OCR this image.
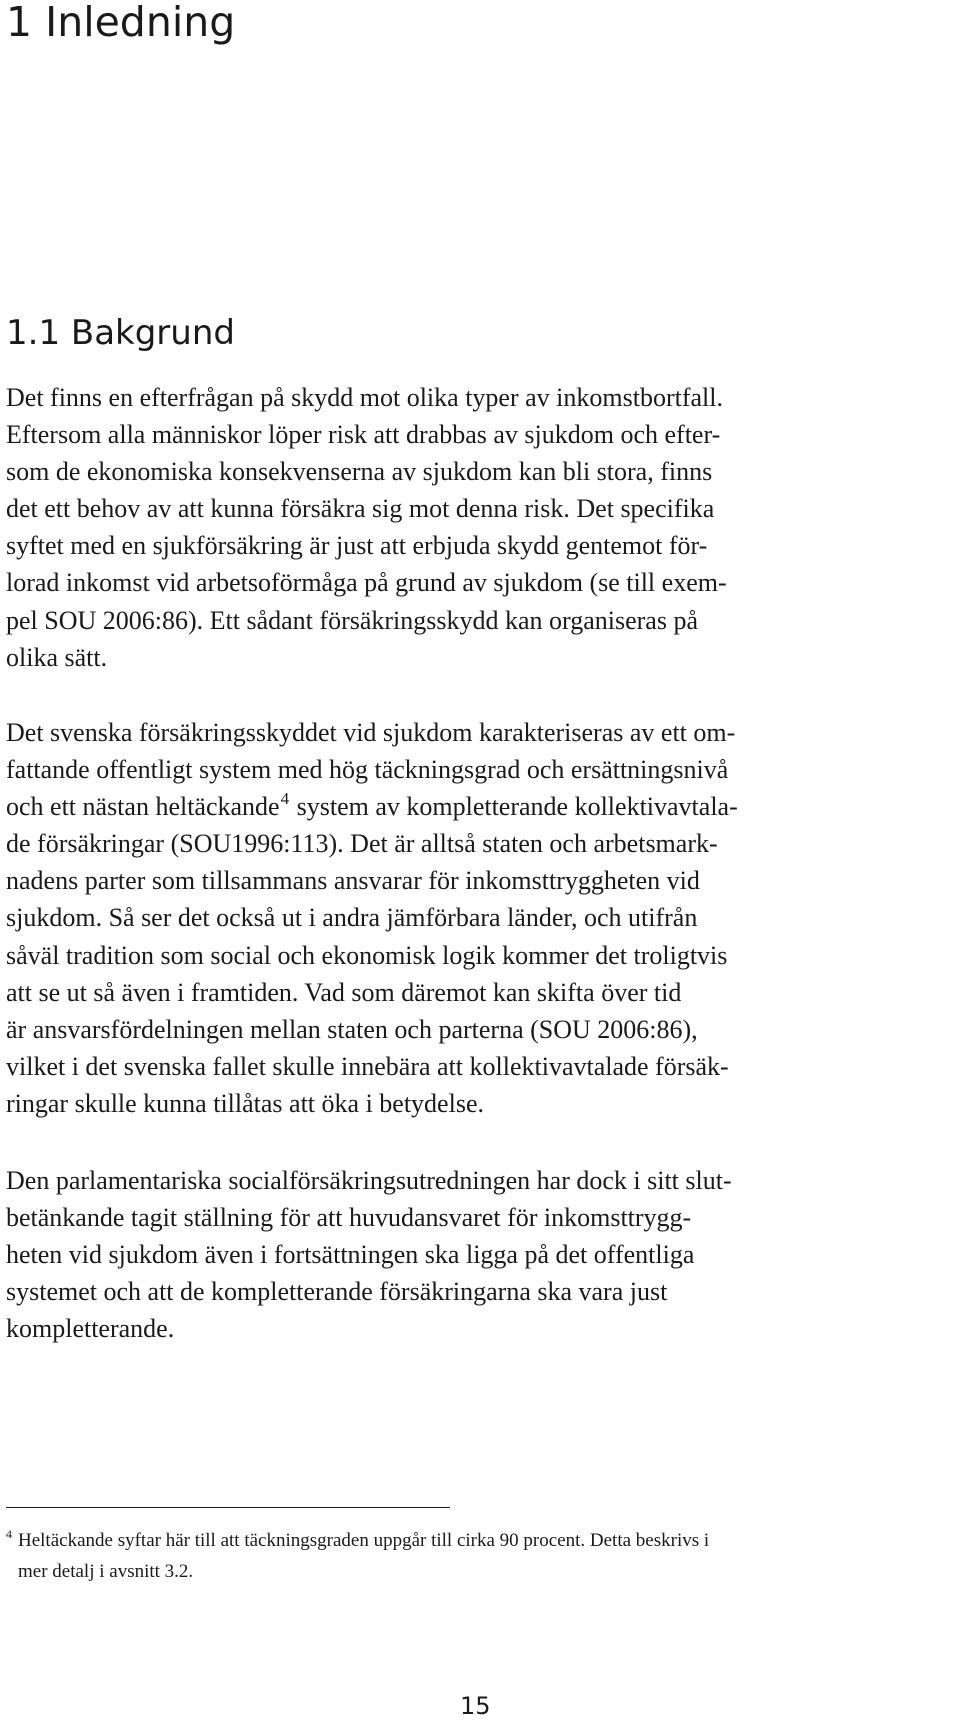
1 Inledning
1.1 Bakgrund

Det finns en efterfrågan på skydd mot olika typer av inkomstbortfall.
Eftersom alla människor löper risk att drabbas av sjukdom och efter-
som de ekonomiska konsekvenserna av sjukdom kan bli stora, finns
det ett behov av att kunna försäkra sig mot denna risk. Det specifika
syftet med en sjukförsäkring är just att erbjuda skydd gentemot för-
lorad inkomst vid arbetsoförmåga på grund av sjukdom (se till exem-
pel SOU 2006:86). Ett sådant försäkringsskydd kan organiseras på
olika sätt.

Det svenska försäkringsskyddet vid sjukdom karakteriseras av ett om-
fattande offentligt system med hög täckningsgrad och ersättningsnivå
och ett nästan heltäckande$^4$ system av kompletterande kollektivavtala-
de försäkringar (SOU1996:113). Det är alltså staten och arbetsmark-
nadens parter som tillsammans ansvarar för inkomsttryggheten vid
sjukdom. Så ser det också ut i andra jämförbara länder, och utifrån
såväl tradition som social och ekonomisk logik kommer det troligtvis
att se ut så även i framtiden. Vad som däremot kan skifta över tid
är ansvarsfördelningen mellan staten och parterna (SOU 2006:86),
vilket i det svenska fallet skulle innebära att kollektivavtalade försäk-
ringar skulle kunna tillåtas att öka i betydelse.

Den parlamentariska socialförsäkringsutredningen har dock i sitt slut-
betänkande tagit ställning för att huvudansvaret för inkomsttrygg-
heten vid sjukdom även i fortsättningen ska ligga på det offentliga
systemet och att de kompletterande försäkringarna ska vara just
kompletterande.

$^4$ Heltäckande syftar här till att täckningsgraden uppgår till cirka 90 procent. Detta beskrivs i
mer detalj i avsnitt 3.2.
15
